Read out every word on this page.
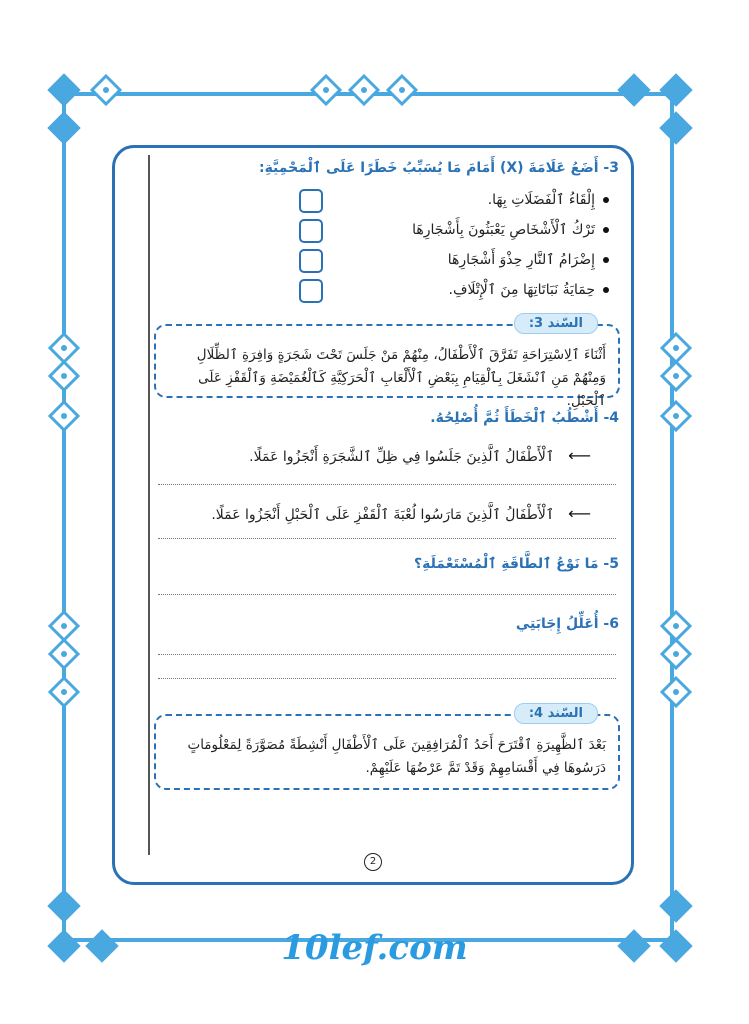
3- أَضَعُ عَلَامَةَ (X) أَمَامَ مَا يُسَبِّبُ خَطَرًا عَلَى ٱلْمَحْمِيَّةِ:
إِلْقَاءُ ٱلْفَضَلَاتِ بِهَا.
تَرْكُ ٱلْأَشْخَاصِ يَعْبَثُونَ بِأَشْجَارِهَا
إِضْرَامُ ٱلنَّارِ حِذْوَ أَشْجَارِهَا
حِمَايَةُ نَبَاتَاتِهَا مِنَ ٱلْإِتْلَافِ.
السّند 3:
أَثْنَاءَ ٱلِاسْتِرَاحَةِ تَفَرَّقَ ٱلْأَطْفَالُ، مِنْهُمْ مَنْ جَلَسَ تَحْتَ شَجَرَةٍ وَافِرَةِ ٱلظِّلَالِ وَمِنْهُمْ مَنِ ٱنْشَغَلَ بِٱلْقِيَامِ بِبَعْضِ ٱلْأَلْعَابِ ٱلْحَرَكِيَّةِ كَٱلْغُمَيْضَةِ وَٱلْقَفْزِ عَلَى ٱلْحَبْلِ.
4- أَشْطُبُ ٱلْخَطَأَ ثُمَّ أُصْلِحُهُ.
⟵ٱلْأَطْفَالُ ٱلَّذِينَ جَلَسُوا فِي ظِلِّ ٱلشَّجَرَةِ أَنْجَزُوا عَمَلًا.
⟵ٱلْأَطْفَالُ ٱلَّذِينَ مَارَسُوا لُعْبَةَ ٱلْقَفْزِ عَلَى ٱلْحَبْلِ أَنْجَزُوا عَمَلًا.
5- مَا نَوْعُ ٱلطَّاقَةِ ٱلْمُسْتَعْمَلَةِ؟
6- أُعَلِّلُ إِجَابَتِي
السّند 4:
بَعْدَ ٱلظَّهِيرَةِ ٱقْتَرَحَ أَحَدُ ٱلْمُرَافِقِينَ عَلَى ٱلْأَطْفَالِ أَنْشِطَةً مُصَوَّرَةً لِمَعْلُومَاتٍ دَرَسُوهَا فِي أَقْسَامِهِمْ وَقَدْ تَمَّ عَرْضُهَا عَلَيْهِمْ.
2
10lef.com
